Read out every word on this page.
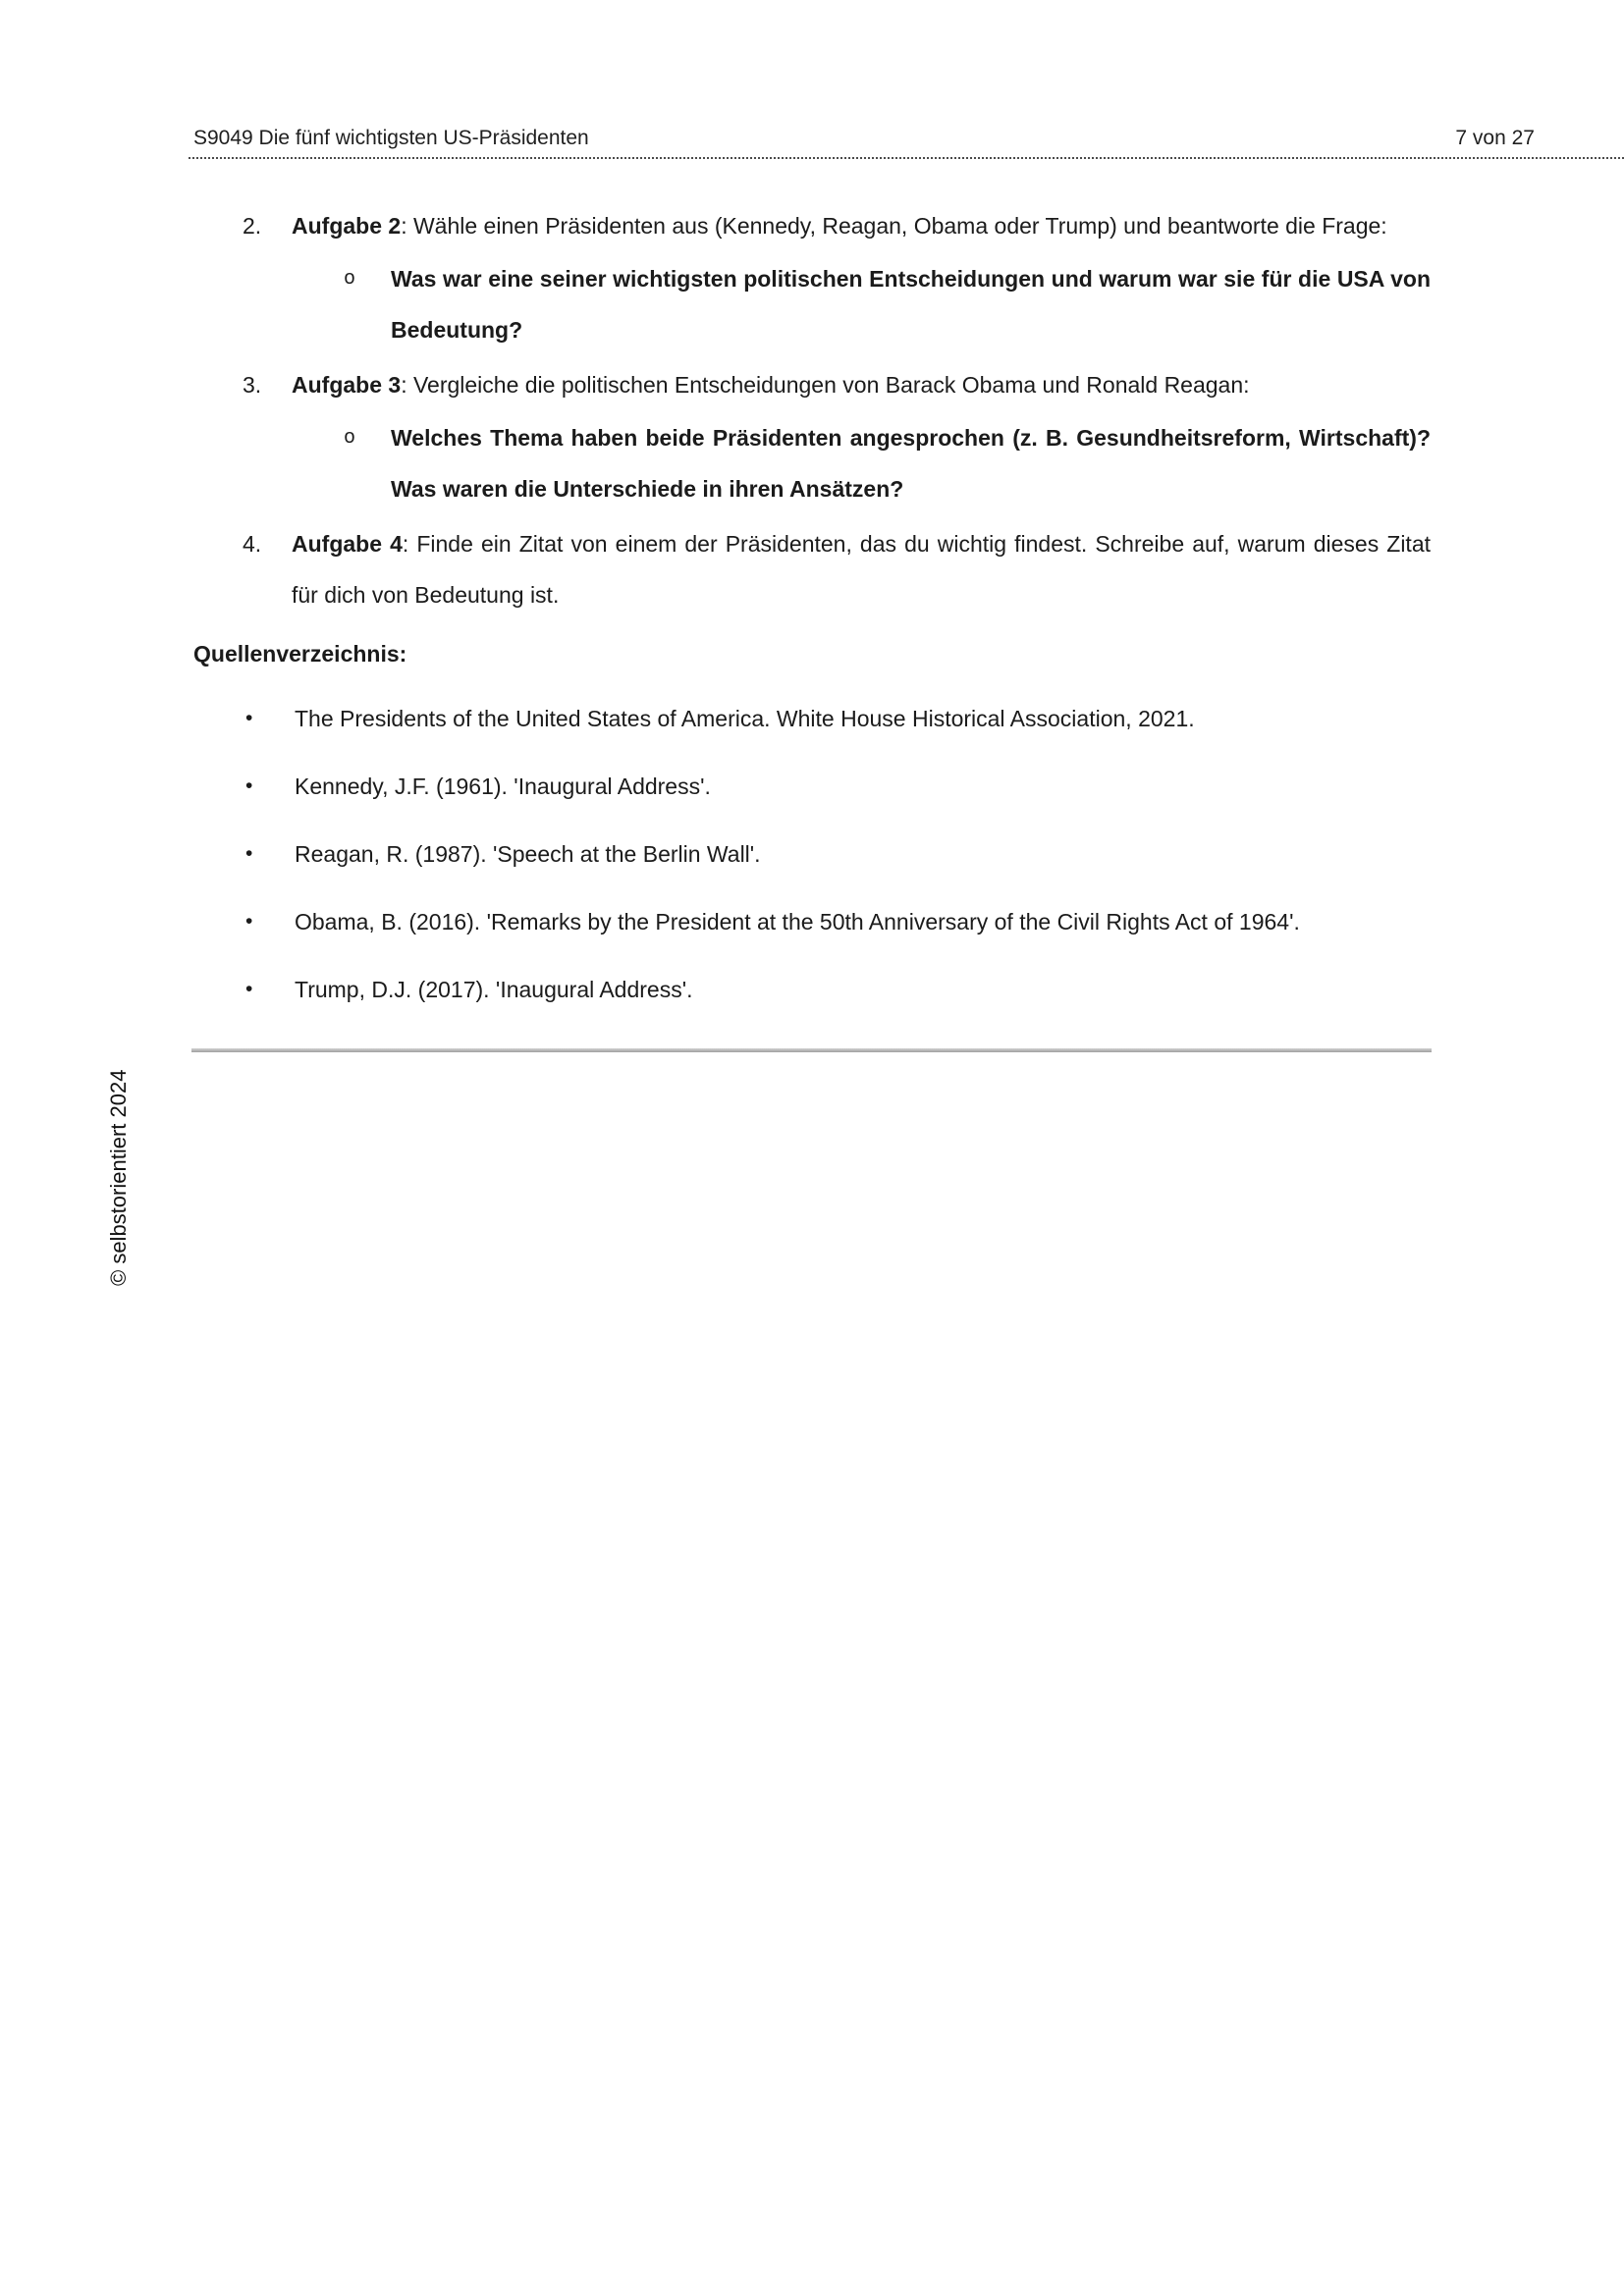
S9049 Die fünf wichtigsten US-Präsidenten	7 von 27
2. Aufgabe 2: Wähle einen Präsidenten aus (Kennedy, Reagan, Obama oder Trump) und beantworte die Frage:
o Was war eine seiner wichtigsten politischen Entscheidungen und warum war sie für die USA von Bedeutung?
3. Aufgabe 3: Vergleiche die politischen Entscheidungen von Barack Obama und Ronald Reagan:
o Welches Thema haben beide Präsidenten angesprochen (z. B. Gesundheitsreform, Wirtschaft)? Was waren die Unterschiede in ihren Ansätzen?
4. Aufgabe 4: Finde ein Zitat von einem der Präsidenten, das du wichtig findest. Schreibe auf, warum dieses Zitat für dich von Bedeutung ist.
Quellenverzeichnis:
• The Presidents of the United States of America. White House Historical Association, 2021.
• Kennedy, J.F. (1961). 'Inaugural Address'.
• Reagan, R. (1987). 'Speech at the Berlin Wall'.
• Obama, B. (2016). 'Remarks by the President at the 50th Anniversary of the Civil Rights Act of 1964'.
• Trump, D.J. (2017). 'Inaugural Address'.
© selbstorientiert 2024
